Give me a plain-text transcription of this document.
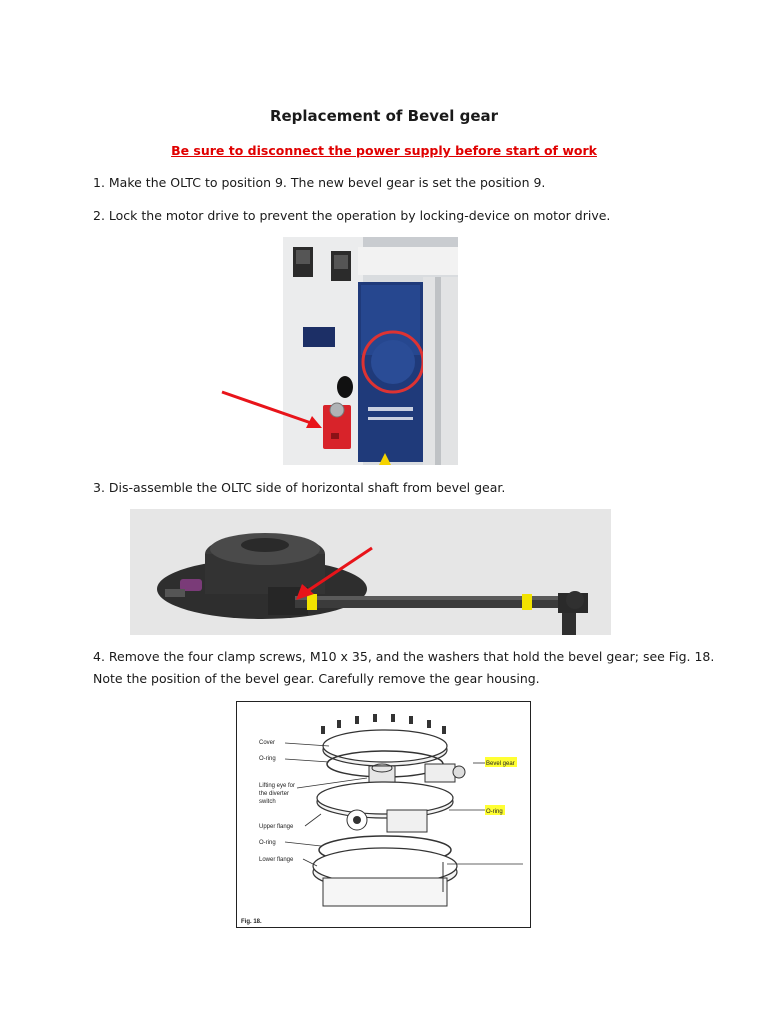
Replacement of Bevel gear
Be sure to disconnect the power supply before start of work
1. Make the OLTC to position 9. The new bevel gear is set the position 9.
2. Lock the motor drive to prevent the operation by locking-device on motor drive.
3. Dis-assemble the OLTC side of horizontal shaft from bevel gear.
4. Remove the four clamp screws, M10 x 35, and the washers that hold the bevel gear; see Fig. 18.
Note the position of the bevel gear. Carefully remove the gear housing.
Cover
O-ring
Lifting eye for
the diverter
switch
Upper flange
O-ring
Lower flange
Bevel gear
O-ring
Fig. 18.
